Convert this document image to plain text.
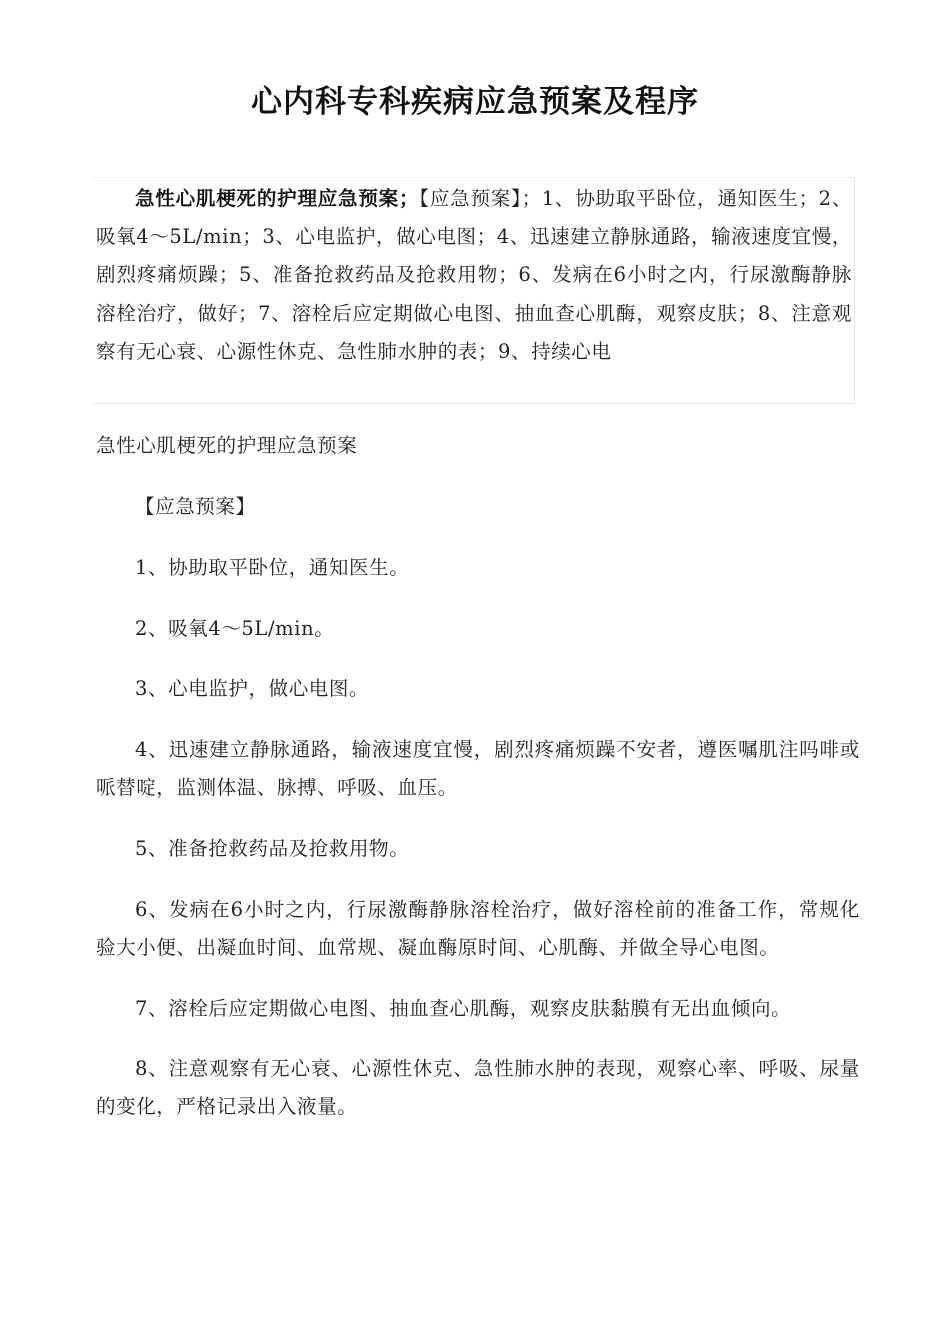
心内科专科疾病应急预案及程序
急性心肌梗死的护理应急预案；【应急预案】；1、协助取平卧位，通知医生；2、吸氧4～5L/min；3、心电监护，做心电图；4、迅速建立静脉通路，输液速度宜慢，剧烈疼痛烦躁；5、准备抢救药品及抢救用物；6、发病在6小时之内，行尿激酶静脉溶栓治疗，做好；7、溶栓后应定期做心电图、抽血查心肌酶，观察皮肤；8、注意观察有无心衰、心源性休克、急性肺水肿的表；9、持续心电

急性心肌梗死的护理应急预案

【应急预案】

1、协助取平卧位，通知医生。

2、吸氧4～5L/min。

3、心电监护，做心电图。

4、迅速建立静脉通路，输液速度宜慢，剧烈疼痛烦躁不安者，遵医嘱肌注吗啡或哌替啶，监测体温、脉搏、呼吸、血压。

5、准备抢救药品及抢救用物。

6、发病在6小时之内，行尿激酶静脉溶栓治疗，做好溶栓前的准备工作，常规化验大小便、出凝血时间、血常规、凝血酶原时间、心肌酶、并做全导心电图。

7、溶栓后应定期做心电图、抽血查心肌酶，观察皮肤黏膜有无出血倾向。

8、注意观察有无心衰、心源性休克、急性肺水肿的表现，观察心率、呼吸、尿量的变化，严格记录出入液量。
